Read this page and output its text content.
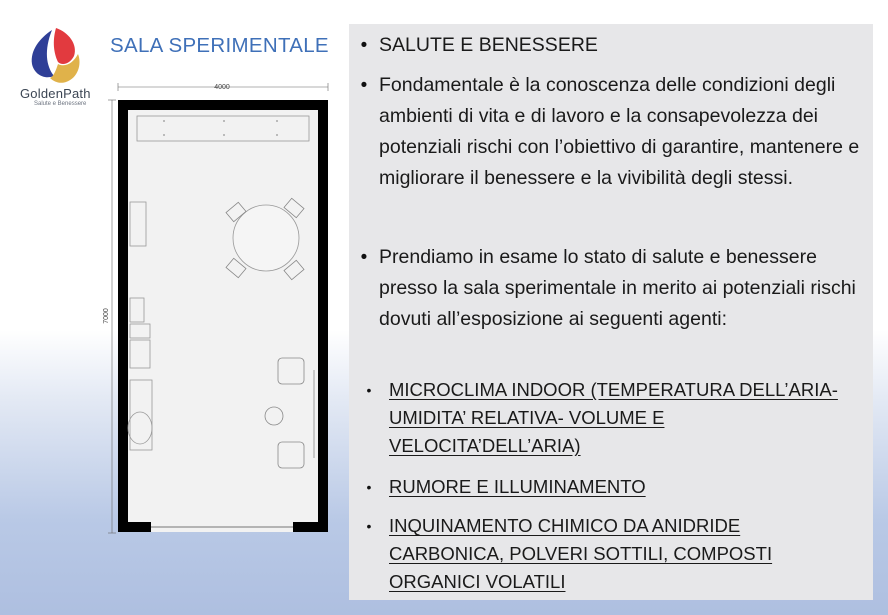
GoldenPath
Salute e Benessere
SALA SPERIMENTALE
4000
7000
• SALUTE E BENESSERE
• Fondamentale è la conoscenza delle condizioni degli ambienti di vita e di lavoro e la consapevolezza dei potenziali rischi con l’obiettivo di garantire, mantenere e migliorare il benessere e la vivibilità degli stessi.
• Prendiamo in esame lo stato di salute e benessere presso la sala sperimentale in merito ai potenziali rischi dovuti all’esposizione ai seguenti agenti:
• MICROCLIMA INDOOR (TEMPERATURA DELL’ARIA- UMIDITA’ RELATIVA- VOLUME E VELOCITA’DELL’ARIA)
• RUMORE E ILLUMINAMENTO
• INQUINAMENTO CHIMICO DA ANIDRIDE CARBONICA, POLVERI SOTTILI, COMPOSTI ORGANICI VOLATILI
